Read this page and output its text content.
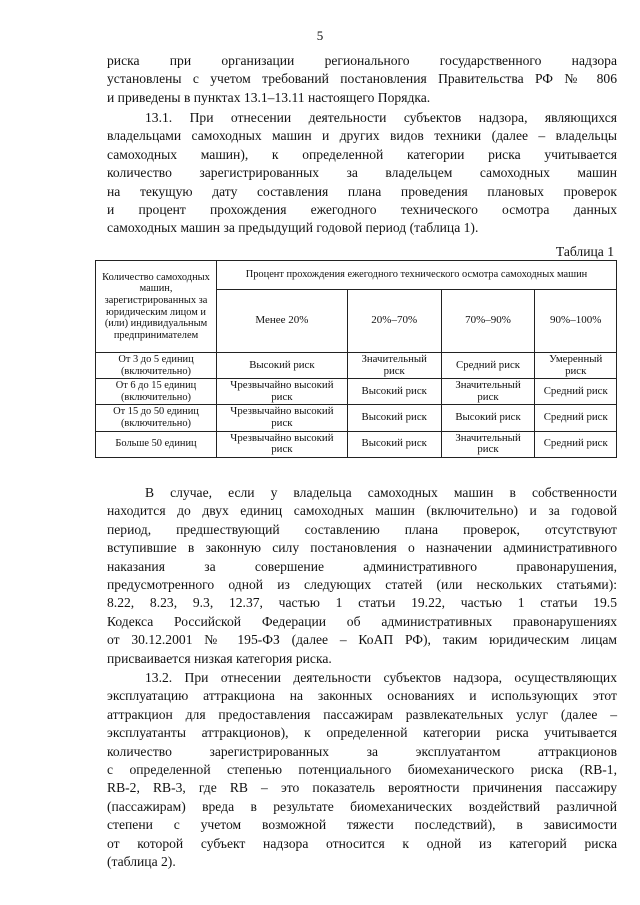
5
риска при организации регионального государственного надзора
установлены с учетом требований постановления Правительства РФ № 806
и приведены в пунктах 13.1–13.11 настоящего Порядка.
13.1. При отнесении деятельности субъектов надзора, являющихся
владельцами самоходных машин и других видов техники (далее – владельцы
самоходных машин), к определенной категории риска учитывается
количество зарегистрированных за владельцем самоходных машин
на текущую дату составления плана проведения плановых проверок
и процент прохождения ежегодного технического осмотра данных
самоходных машин за предыдущий годовой период (таблица 1).
Таблица 1
Количество самоходных машин, зарегистрированных за юридическим лицом и (или) индивидуальным предпринимателем	Процент прохождения ежегодного технического осмотра самоходных машин			
	Менее 20%	20%–70%	70%–90%	90%–100%
От 3 до 5 единиц (включительно)	Высокий риск	Значительный риск	Средний риск	Умеренный риск
От 6 до 15 единиц (включительно)	Чрезвычайно высокий риск	Высокий риск	Значительный риск	Средний риск
От 15 до 50 единиц (включительно)	Чрезвычайно высокий риск	Высокий риск	Высокий риск	Средний риск
Больше 50 единиц	Чрезвычайно высокий риск	Высокий риск	Значительный риск	Средний риск
В случае, если у владельца самоходных машин в собственности
находится до двух единиц самоходных машин (включительно) и за годовой
период, предшествующий составлению плана проверок, отсутствуют
вступившие в законную силу постановления о назначении административного
наказания за совершение административного правонарушения,
предусмотренного одной из следующих статей (или нескольких статьями):
8.22, 8.23, 9.3, 12.37, частью 1 статьи 19.22, частью 1 статьи 19.5
Кодекса Российской Федерации об административных правонарушениях
от 30.12.2001 № 195-ФЗ (далее – КоАП РФ), таким юридическим лицам
присваивается низкая категория риска.
13.2. При отнесении деятельности субъектов надзора, осуществляющих
эксплуатацию аттракциона на законных основаниях и использующих этот
аттракцион для предоставления пассажирам развлекательных услуг (далее –
эксплуатанты аттракционов), к определенной категории риска учитывается
количество зарегистрированных за эксплуатантом аттракционов
с определенной степенью потенциального биомеханического риска (RB-1,
RB-2, RB-3, где RB – это показатель вероятности причинения пассажиру
(пассажирам) вреда в результате биомеханических воздействий различной
степени с учетом возможной тяжести последствий), в зависимости
от которой субъект надзора относится к одной из категорий риска
(таблица 2).
